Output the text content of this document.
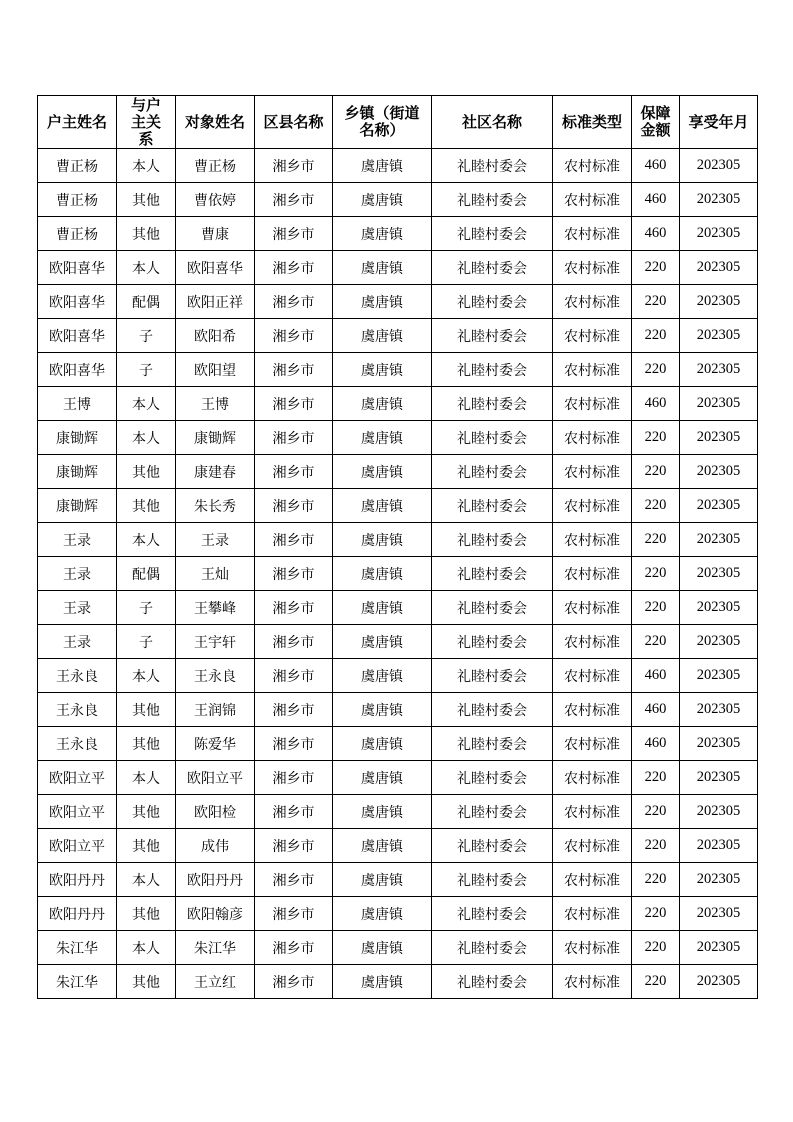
户主姓名	与户主关系	对象姓名	区县名称	乡镇（街道名称）	社区名称	标准类型	保障金额	享受年月
曹正杨	本人	曹正杨	湘乡市	虞唐镇	礼睦村委会	农村标准	460	202305
曹正杨	其他	曹依婷	湘乡市	虞唐镇	礼睦村委会	农村标准	460	202305
曹正杨	其他	曹康	湘乡市	虞唐镇	礼睦村委会	农村标准	460	202305
欧阳喜华	本人	欧阳喜华	湘乡市	虞唐镇	礼睦村委会	农村标准	220	202305
欧阳喜华	配偶	欧阳正祥	湘乡市	虞唐镇	礼睦村委会	农村标准	220	202305
欧阳喜华	子	欧阳希	湘乡市	虞唐镇	礼睦村委会	农村标准	220	202305
欧阳喜华	子	欧阳望	湘乡市	虞唐镇	礼睦村委会	农村标准	220	202305
王博	本人	王博	湘乡市	虞唐镇	礼睦村委会	农村标准	460	202305
康锄辉	本人	康锄辉	湘乡市	虞唐镇	礼睦村委会	农村标准	220	202305
康锄辉	其他	康建春	湘乡市	虞唐镇	礼睦村委会	农村标准	220	202305
康锄辉	其他	朱长秀	湘乡市	虞唐镇	礼睦村委会	农村标准	220	202305
王录	本人	王录	湘乡市	虞唐镇	礼睦村委会	农村标准	220	202305
王录	配偶	王灿	湘乡市	虞唐镇	礼睦村委会	农村标准	220	202305
王录	子	王攀峰	湘乡市	虞唐镇	礼睦村委会	农村标准	220	202305
王录	子	王宇轩	湘乡市	虞唐镇	礼睦村委会	农村标准	220	202305
王永良	本人	王永良	湘乡市	虞唐镇	礼睦村委会	农村标准	460	202305
王永良	其他	王润锦	湘乡市	虞唐镇	礼睦村委会	农村标准	460	202305
王永良	其他	陈爱华	湘乡市	虞唐镇	礼睦村委会	农村标准	460	202305
欧阳立平	本人	欧阳立平	湘乡市	虞唐镇	礼睦村委会	农村标准	220	202305
欧阳立平	其他	欧阳检	湘乡市	虞唐镇	礼睦村委会	农村标准	220	202305
欧阳立平	其他	成伟	湘乡市	虞唐镇	礼睦村委会	农村标准	220	202305
欧阳丹丹	本人	欧阳丹丹	湘乡市	虞唐镇	礼睦村委会	农村标准	220	202305
欧阳丹丹	其他	欧阳翰彦	湘乡市	虞唐镇	礼睦村委会	农村标准	220	202305
朱江华	本人	朱江华	湘乡市	虞唐镇	礼睦村委会	农村标准	220	202305
朱江华	其他	王立红	湘乡市	虞唐镇	礼睦村委会	农村标准	220	202305
